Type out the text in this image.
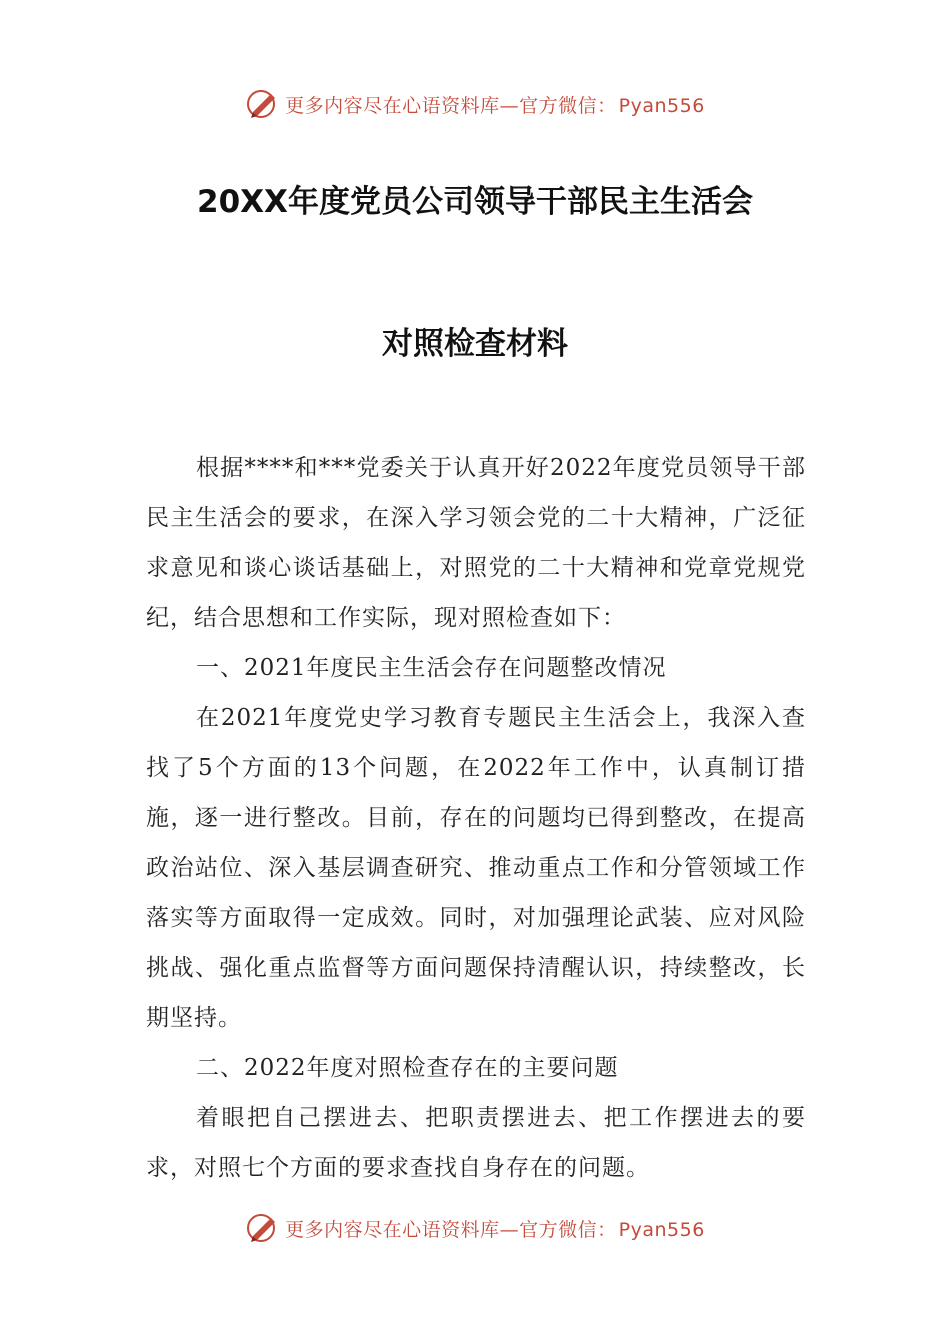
更多内容尽在心语资料库—官方微信： Pyan556
20XX年度党员公司领导干部民主生活会
对照检查材料

根据****和***党委关于认真开好2022年度党员领导干部民主生活会的要求，在深入学习领会党的二十大精神，广泛征求意见和谈心谈话基础上，对照党的二十大精神和党章党规党纪，结合思想和工作实际，现对照检查如下：

一、2021年度民主生活会存在问题整改情况

在2021年度党史学习教育专题民主生活会上，我深入查找了5个方面的13个问题，在2022年工作中，认真制订措施，逐一进行整改。目前，存在的问题均已得到整改，在提高政治站位、深入基层调查研究、推动重点工作和分管领域工作落实等方面取得一定成效。同时，对加强理论武装、应对风险挑战、强化重点监督等方面问题保持清醒认识，持续整改，长期坚持。

二、2022年度对照检查存在的主要问题

着眼把自己摆进去、把职责摆进去、把工作摆进去的要求，对照七个方面的要求查找自身存在的问题。

更多内容尽在心语资料库—官方微信： Pyan556
